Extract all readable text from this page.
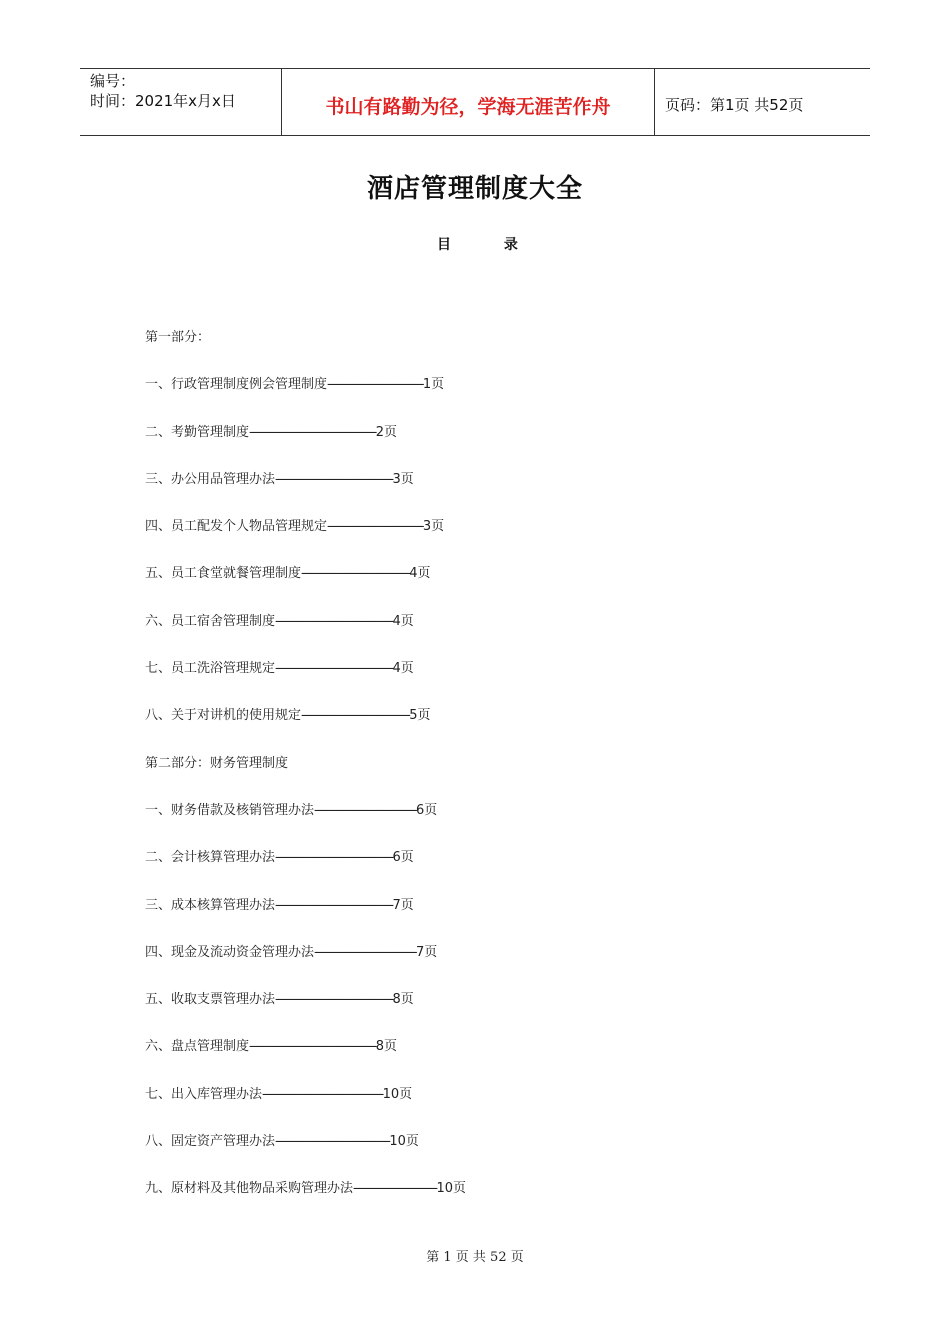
编号：
时间：2021年x月x日	书山有路勤为径，学海无涯苦作舟	页码：第1页 共52页
酒店管理制度大全
目 录
第一部分：
一、行政管理制度例会管理制度-------------------------------1页
二、考勤管理制度-----------------------------------------2页
三、办公用品管理办法--------------------------------------3页
四、员工配发个人物品管理规定-------------------------------3页
五、员工食堂就餐管理制度-----------------------------------4页
六、员工宿舍管理制度--------------------------------------4页
七、员工洗浴管理规定--------------------------------------4页
八、关于对讲机的使用规定-----------------------------------5页
第二部分：财务管理制度
一、财务借款及核销管理办法---------------------------------6页
二、会计核算管理办法--------------------------------------6页
三、成本核算管理办法--------------------------------------7页
四、现金及流动资金管理办法---------------------------------7页
五、收取支票管理办法--------------------------------------8页
六、盘点管理制度-----------------------------------------8页
七、出入库管理办法---------------------------------------10页
八、固定资产管理办法-------------------------------------10页
九、原材料及其他物品采购管理办法---------------------------10页
第 1 页 共 52 页
